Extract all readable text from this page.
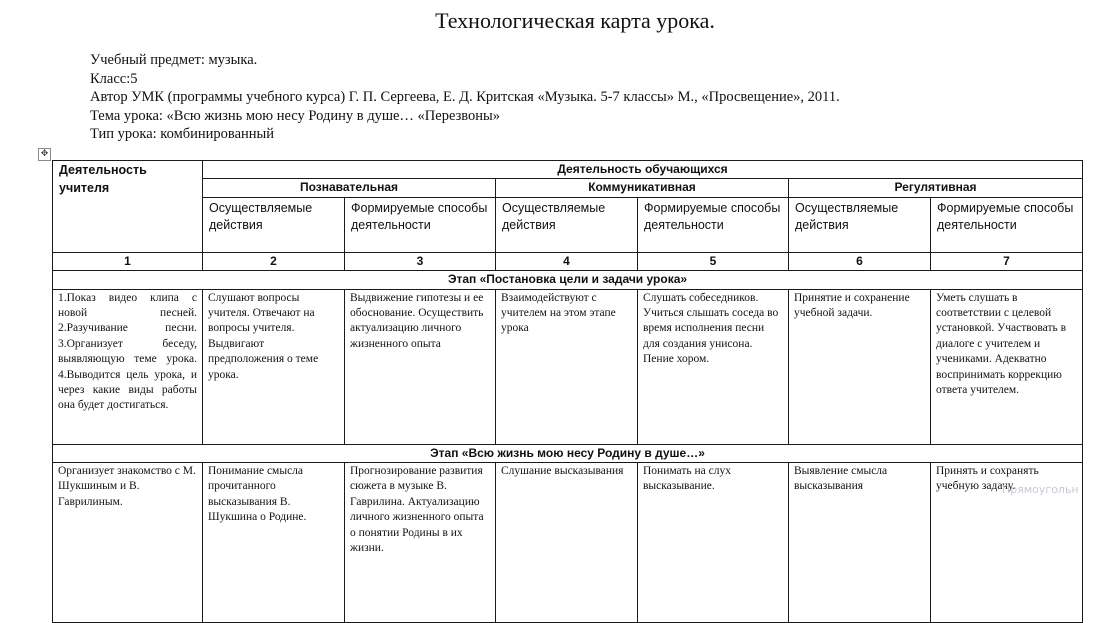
Технологическая карта урока.
Учебный предмет: музыка.
Класс:5
Автор УМК (программы учебного курса) Г. П. Сергеева, Е. Д. Критская «Музыка. 5-7 классы» М., «Просвещение», 2011.
Тема урока: «Всю жизнь мою несу Родину в душе… «Перезвоны»
Тип урока: комбинированный
✥
Деятельность учителя	Деятельность обучающихся					
	Познавательная		Коммуникативная		Регулятивная	
	Осуществляемые действия	Формируемые способы деятельности	Осуществляемые действия	Формируемые способы деятельности	Осуществляемые действия	Формируемые способы деятельности
1	2	3	4	5	6	7
Этап «Постановка цели и задачи урока»						
1.Показ видео клипа с новой песней. 2.Разучивание песни. 3.Организует беседу, выявляющую теме урока. 4.Выводится цель урока, и через какие виды работы она будет достигаться.	Слушают вопросы учителя. Отвечают на вопросы учителя. Выдвигают предположения о теме урока.	Выдвижение гипотезы и ее обоснование. Осуществить актуализацию личного жизненного опыта	Взаимодействуют с учителем на этом этапе урока	Слушать собеседников. Учиться слышать соседа во время исполнения песни для создания унисона. Пение хором.	Принятие и сохранение учебной задачи.	Уметь слушать в соответствии с целевой установкой. Участвовать в диалоге с учителем и учениками. Адекватно воспринимать коррекцию ответа учителем.
Этап «Всю жизнь мою несу Родину в душе…»						
Организует знакомство с М. Шукшиным и В. Гаврилиным.	Понимание смысла прочитанного высказывания В. Шукшина о Родине.	Прогнозирование развития сюжета в музыке В. Гаврилина. Актуализацию личного жизненного опыта о понятии Родины в их жизни.	Слушание высказывания	Понимать на слух высказывание.	Выявление смысла высказывания	Принять и сохранять учебную задачу.
Прямоугольн
